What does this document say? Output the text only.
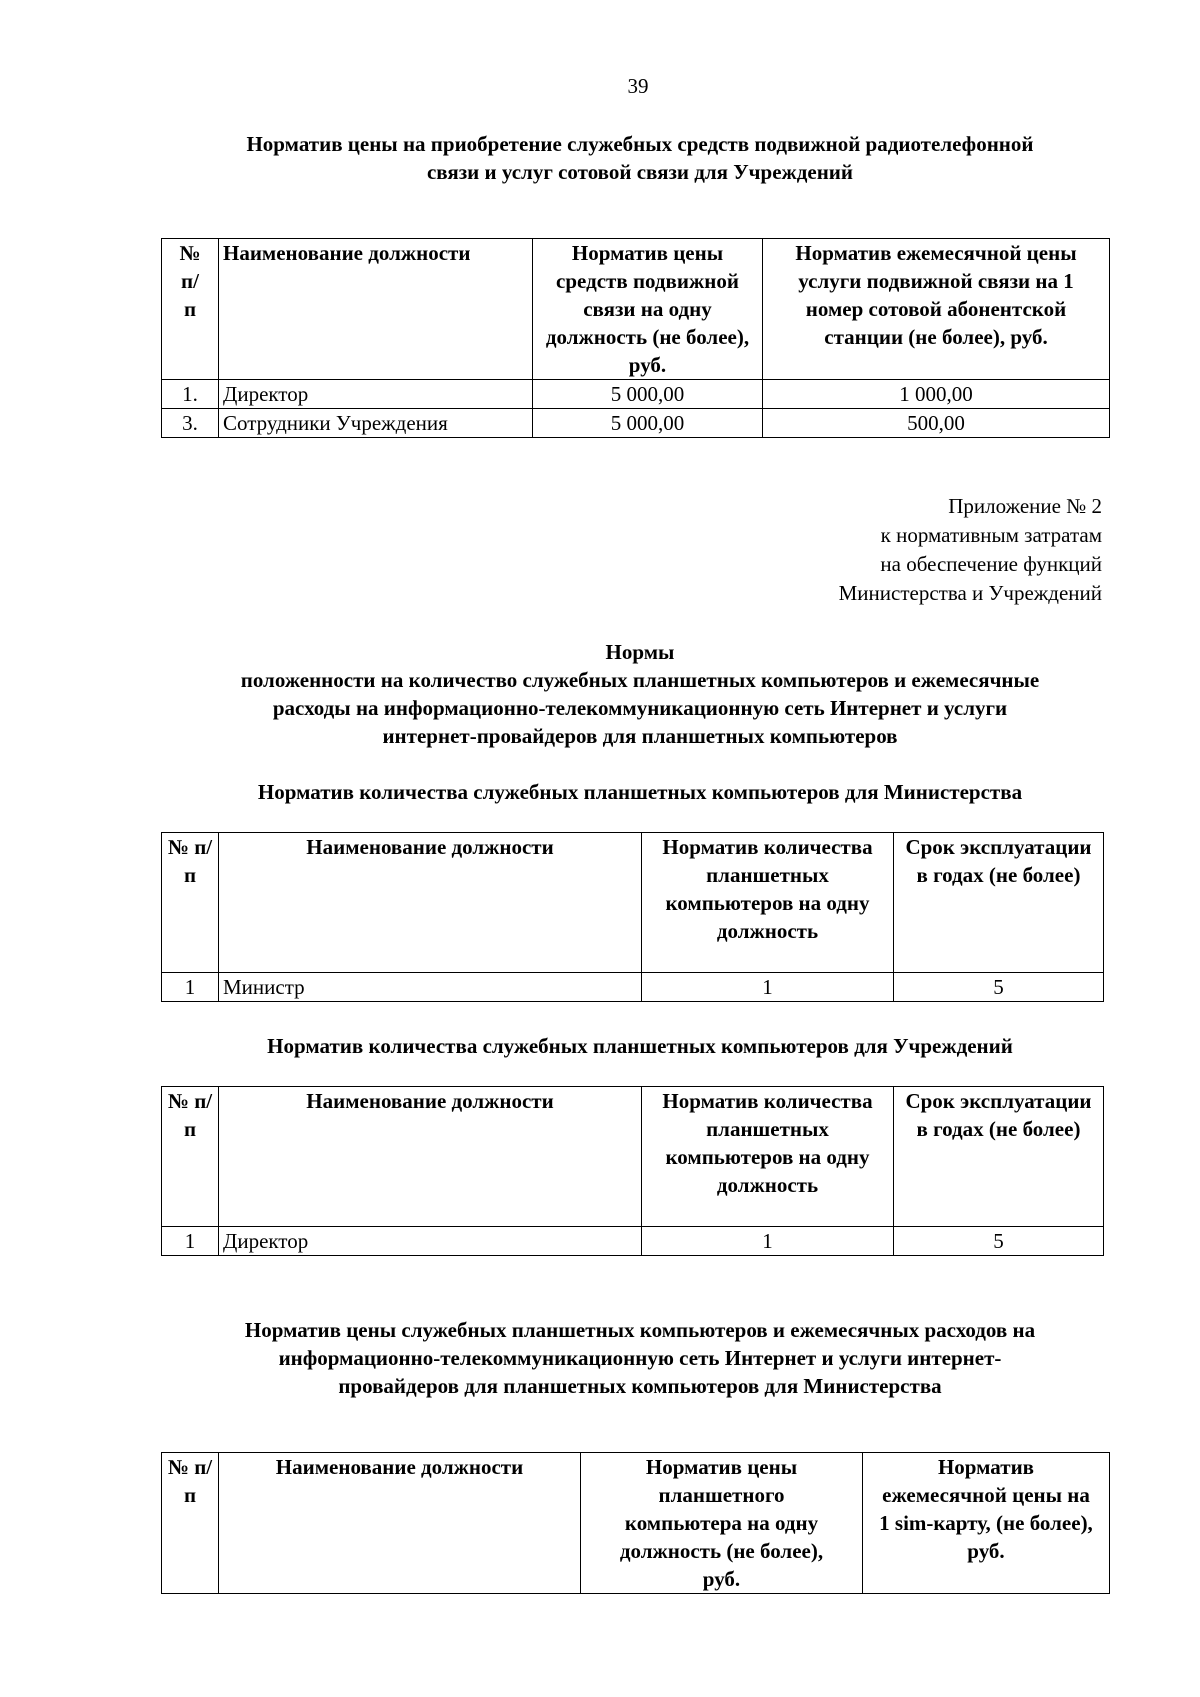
39
Норматив цены на приобретение служебных средств подвижной радиотелефонной
связи и услуг сотовой связи для Учреждений
№ п/ п	Наименование должности	Норматив цены средств подвижной связи на одну должность (не более), руб.	Норматив ежемесячной цены услуги подвижной связи на 1 номер сотовой абонентской станции (не более), руб.
1.	Директор	5 000,00	1 000,00
3.	Сотрудники Учреждения	5 000,00	500,00
Приложение № 2
к нормативным затратам
на обеспечение функций
Министерства и Учреждений
Нормы
положенности на количество служебных планшетных компьютеров и ежемесячные
расходы на информационно-телекоммуникационную сеть Интернет и услуги
интернет-провайдеров для планшетных компьютеров
Норматив количества служебных планшетных компьютеров для Министерства
№ п/п	Наименование должности	Норматив количества планшетных компьютеров на одну должность	Срок эксплуатации в годах (не более)
1	Министр	1	5
Норматив количества служебных планшетных компьютеров для Учреждений
№ п/п	Наименование должности	Норматив количества планшетных компьютеров на одну должность	Срок эксплуатации в годах (не более)
1	Директор	1	5
Норматив цены служебных планшетных компьютеров и ежемесячных расходов на
информационно-телекоммуникационную сеть Интернет и услуги интернет-
провайдеров для планшетных компьютеров для Министерства
№ п/п	Наименование должности	Норматив цены планшетного компьютера на одну должность (не более), руб.	Норматив ежемесячной цены на 1 sim-карту, (не более), руб.
